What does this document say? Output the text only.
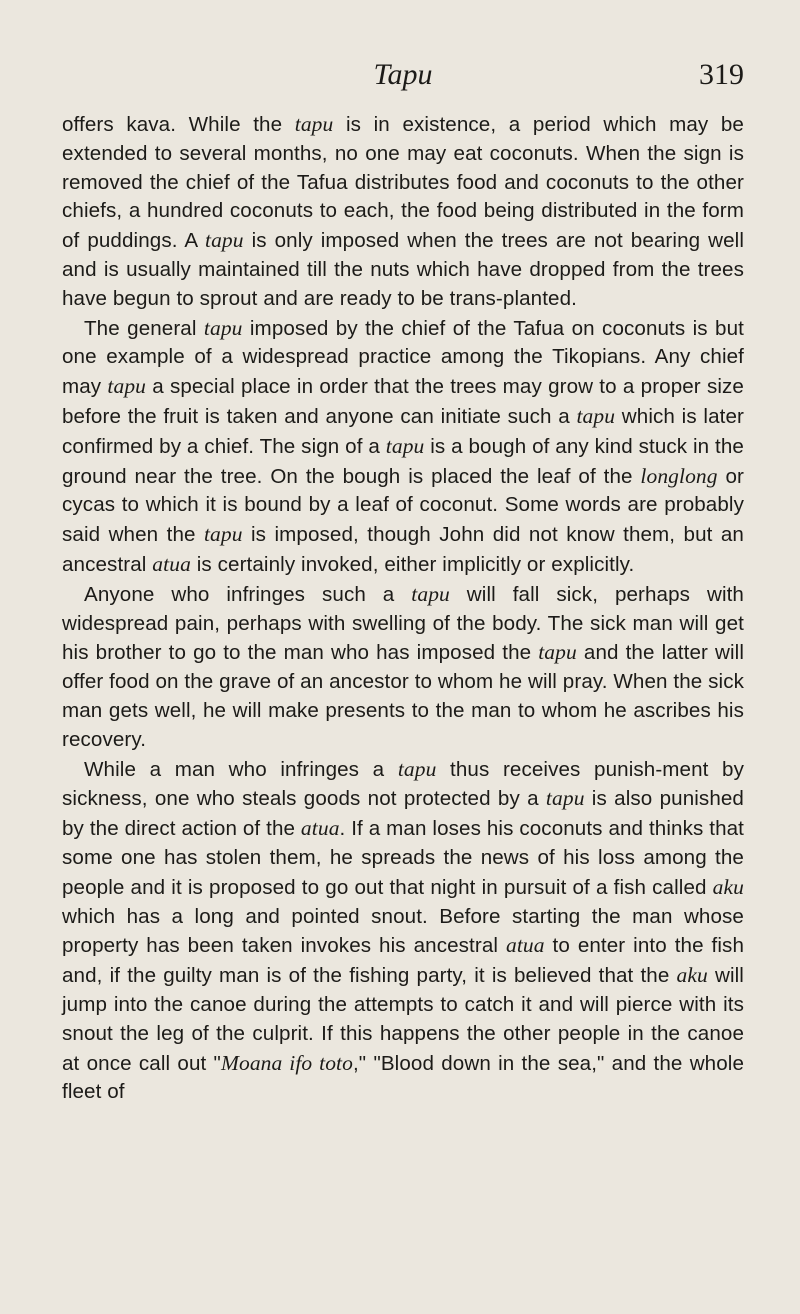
Tapu	319

offers kava. While the tapu is in existence, a period which may be extended to several months, no one may eat coconuts. When the sign is removed the chief of the Tafua distributes food and coconuts to the other chiefs, a hundred coconuts to each, the food being distributed in the form of puddings. A tapu is only imposed when the trees are not bearing well and is usually maintained till the nuts which have dropped from the trees have begun to sprout and are ready to be trans-planted.

The general tapu imposed by the chief of the Tafua on coconuts is but one example of a widespread practice among the Tikopians. Any chief may tapu a special place in order that the trees may grow to a proper size before the fruit is taken and anyone can initiate such a tapu which is later confirmed by a chief. The sign of a tapu is a bough of any kind stuck in the ground near the tree. On the bough is placed the leaf of the longlong or cycas to which it is bound by a leaf of coconut. Some words are probably said when the tapu is imposed, though John did not know them, but an ancestral atua is certainly invoked, either implicitly or explicitly.

Anyone who infringes such a tapu will fall sick, perhaps with widespread pain, perhaps with swelling of the body. The sick man will get his brother to go to the man who has imposed the tapu and the latter will offer food on the grave of an ancestor to whom he will pray. When the sick man gets well, he will make presents to the man to whom he ascribes his recovery.

While a man who infringes a tapu thus receives punish-ment by sickness, one who steals goods not protected by a tapu is also punished by the direct action of the atua. If a man loses his coconuts and thinks that some one has stolen them, he spreads the news of his loss among the people and it is proposed to go out that night in pursuit of a fish called aku which has a long and pointed snout. Before starting the man whose property has been taken invokes his ancestral atua to enter into the fish and, if the guilty man is of the fishing party, it is believed that the aku will jump into the canoe during the attempts to catch it and will pierce with its snout the leg of the culprit. If this happens the other people in the canoe at once call out "Moana ifo toto," "Blood down in the sea," and the whole fleet of
